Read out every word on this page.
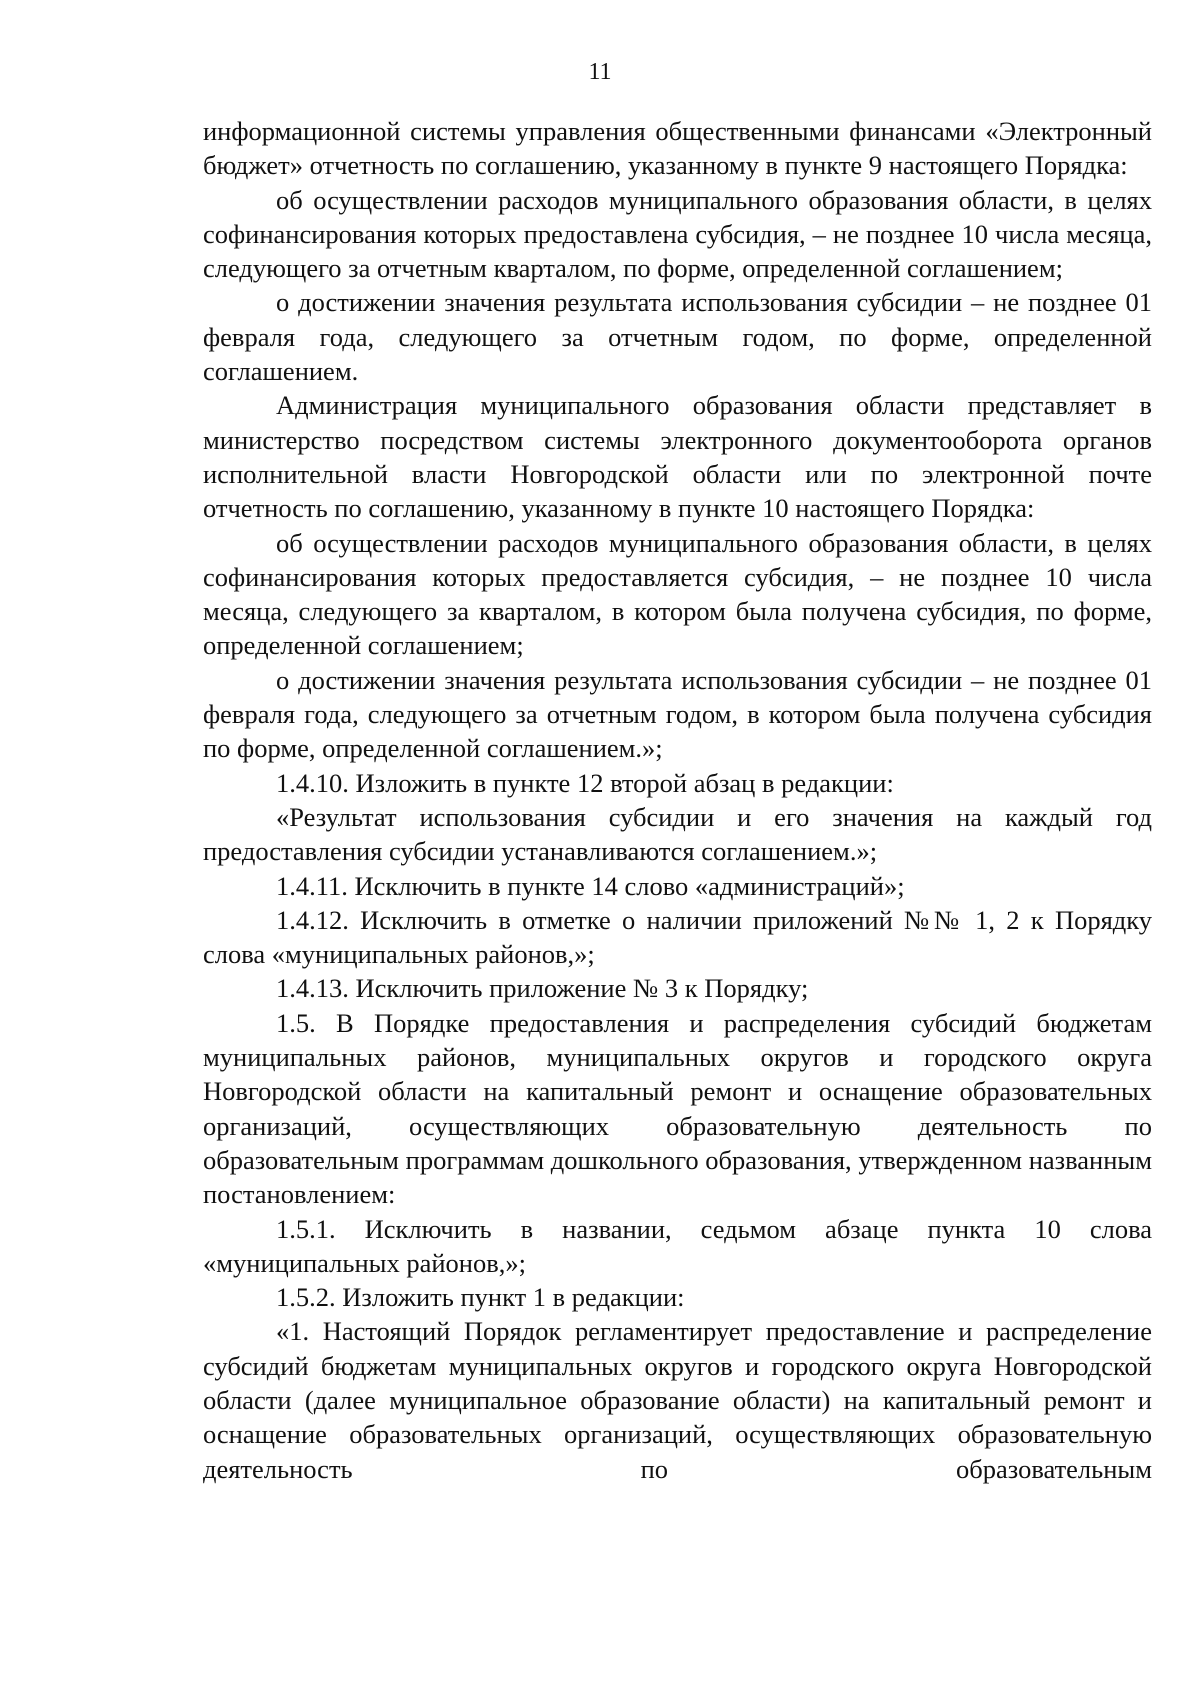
11

информационной системы управления общественными финансами «Электронный бюджет» отчетность по соглашению, указанному в пункте 9 настоящего Порядка:

об осуществлении расходов муниципального образования области, в целях софинансирования которых предоставлена субсидия, – не позднее 10 числа месяца, следующего за отчетным кварталом, по форме, определенной соглашением;

о достижении значения результата использования субсидии – не позднее 01 февраля года, следующего за отчетным годом, по форме, определенной соглашением.

Администрация муниципального образования области представляет в министерство посредством системы электронного документооборота органов исполнительной власти Новгородской области или по электронной почте отчетность по соглашению, указанному в пункте 10 настоящего Порядка:

об осуществлении расходов муниципального образования области, в целях софинансирования которых предоставляется субсидия, – не позднее 10 числа месяца, следующего за кварталом, в котором была получена субсидия, по форме, определенной соглашением;

о достижении значения результата использования субсидии – не позднее 01 февраля года, следующего за отчетным годом, в котором была получена субсидия по форме, определенной соглашением.»;

1.4.10. Изложить в пункте 12 второй абзац в редакции:

«Результат использования субсидии и его значения на каждый год предоставления субсидии устанавливаются соглашением.»;

1.4.11. Исключить в пункте 14 слово «администраций»;

1.4.12. Исключить в отметке о наличии приложений №№ 1, 2 к Порядку слова «муниципальных районов,»;

1.4.13. Исключить приложение № 3 к Порядку;

1.5. В Порядке предоставления и распределения субсидий бюджетам муниципальных районов, муниципальных округов и городского округа Новгородской области на капитальный ремонт и оснащение образовательных организаций, осуществляющих образовательную деятельность по образовательным программам дошкольного образования, утвержденном названным постановлением:

1.5.1. Исключить в названии, седьмом абзаце пункта 10 слова «муниципальных районов,»;

1.5.2. Изложить пункт 1 в редакции:

«1. Настоящий Порядок регламентирует предоставление и распределение субсидий бюджетам муниципальных округов и городского округа Новгородской области (далее муниципальное образование области) на капитальный ремонт и оснащение образовательных организаций, осуществляющих образовательную деятельность по образовательным
